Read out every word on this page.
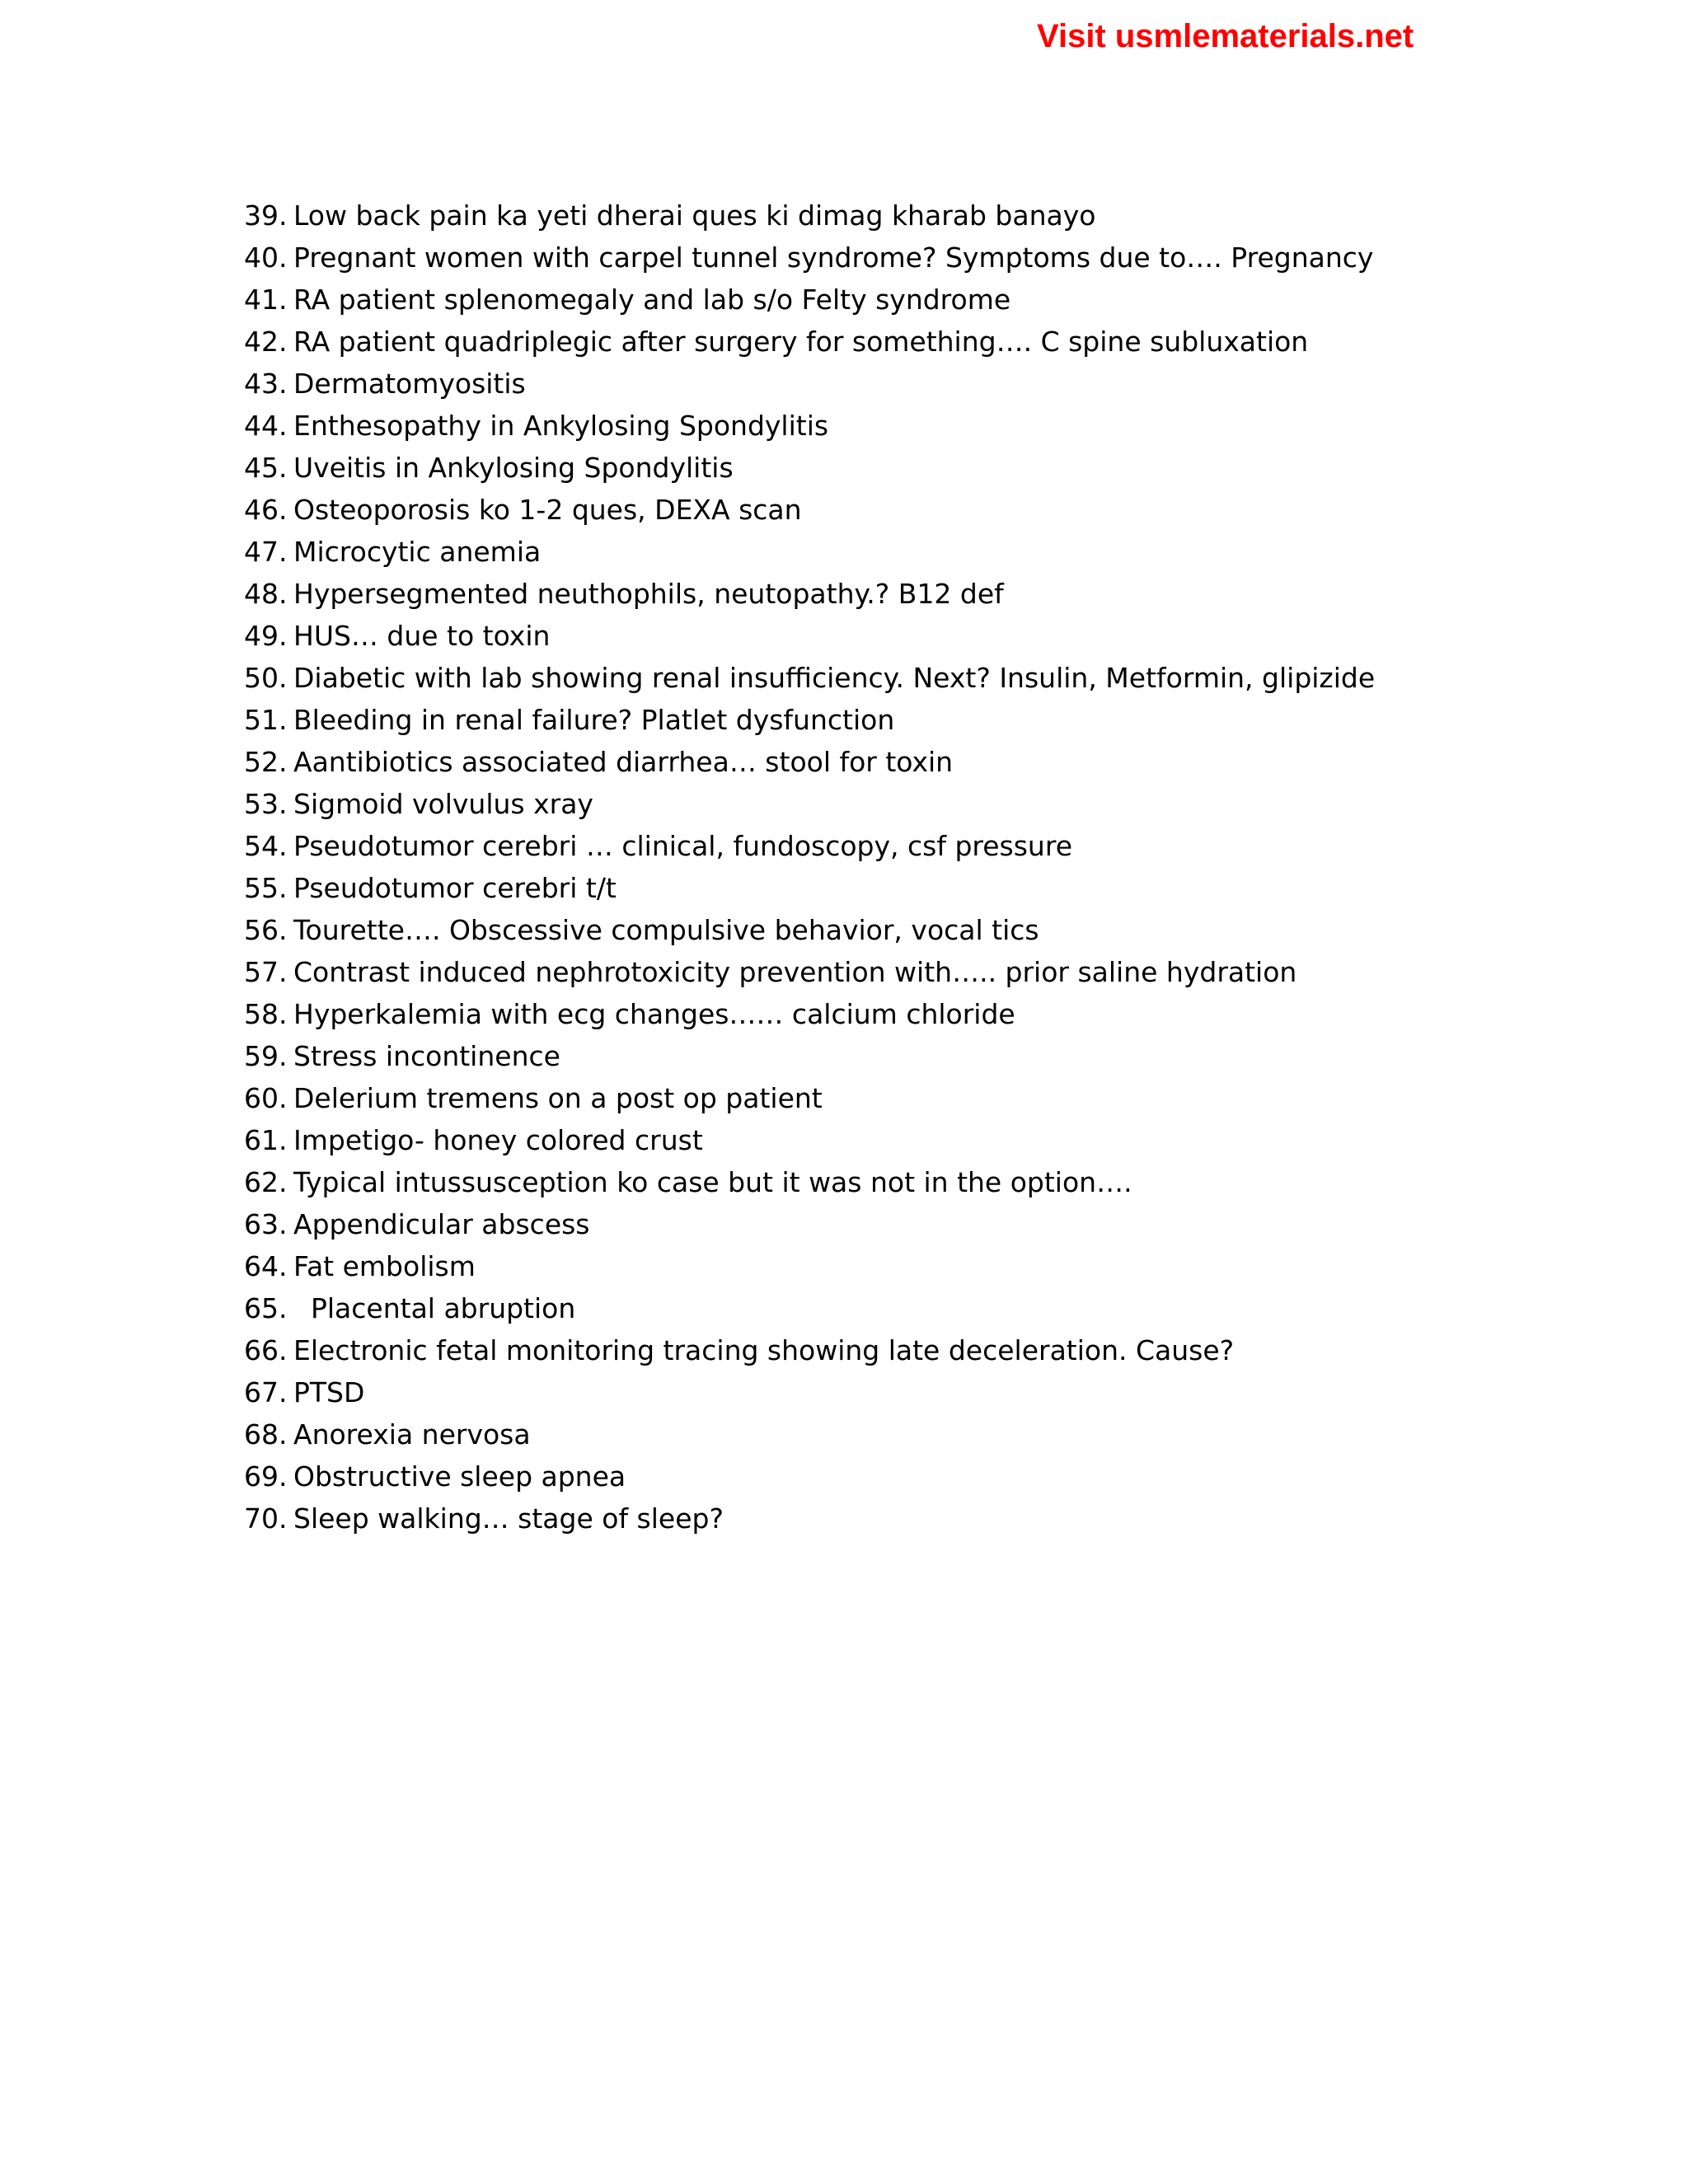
Visit usmlematerials.net
39. Low back pain ka yeti dherai ques ki dimag kharab banayo
40. Pregnant women with carpel tunnel syndrome? Symptoms due to…. Pregnancy
41. RA patient splenomegaly and lab s/o Felty syndrome
42. RA patient quadriplegic after surgery for something…. C spine subluxation
43. Dermatomyositis
44. Enthesopathy in Ankylosing Spondylitis
45. Uveitis in Ankylosing Spondylitis
46. Osteoporosis ko 1-2 ques, DEXA scan
47. Microcytic anemia
48. Hypersegmented neuthophils, neutopathy.? B12 def
49. HUS… due to toxin
50. Diabetic with lab showing renal insufficiency. Next? Insulin, Metformin, glipizide
51. Bleeding in renal failure? Platlet dysfunction
52. Aantibiotics associated diarrhea… stool for toxin
53. Sigmoid volvulus xray
54. Pseudotumor cerebri … clinical, fundoscopy, csf pressure
55. Pseudotumor cerebri t/t
56. Tourette…. Obscessive compulsive behavior, vocal tics
57. Contrast induced nephrotoxicity prevention with….. prior saline hydration
58. Hyperkalemia with ecg changes…… calcium chloride
59. Stress incontinence
60. Delerium tremens on a post op patient
61. Impetigo- honey colored crust
62. Typical intussusception ko case but it was not in the option….
63. Appendicular abscess
64. Fat embolism
65. Placental abruption
66. Electronic fetal monitoring tracing showing late deceleration. Cause?
67. PTSD
68. Anorexia nervosa
69. Obstructive sleep apnea
70. Sleep walking… stage of sleep?
